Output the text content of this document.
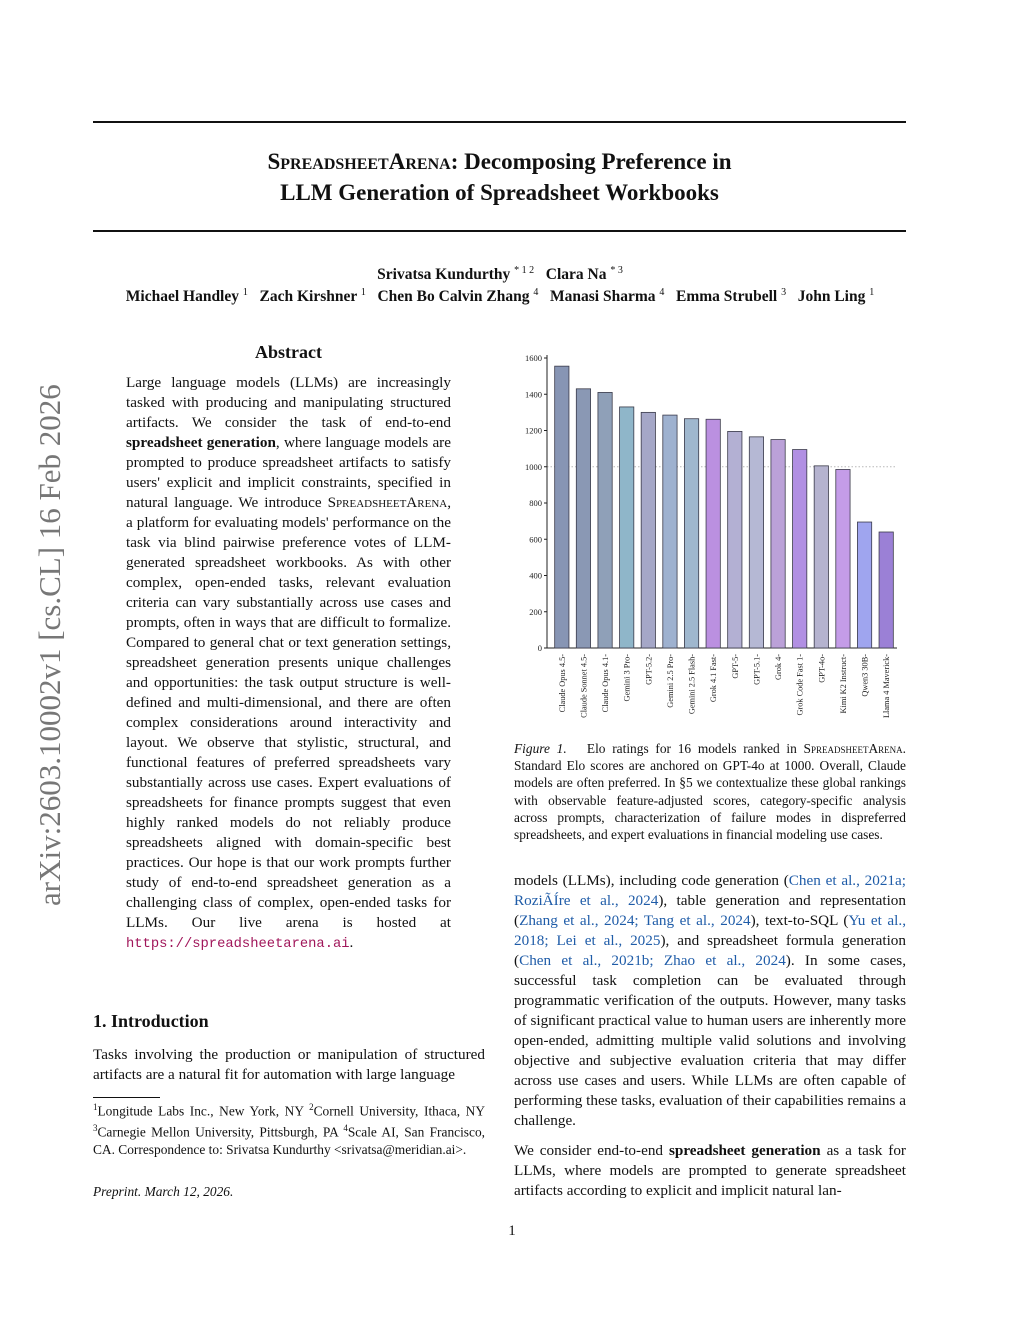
arXiv:2603.10002v1 [cs.CL] 16 Feb 2026
SpreadsheetArena: Decomposing Preference in
LLM Generation of Spreadsheet Workbooks
Srivatsa Kundurthy $^{* 1 2}$ Clara Na $^{* 3}$
Michael Handley $^1$ Zach Kirshner $^1$ Chen Bo Calvin Zhang $^4$ Manasi Sharma $^4$ Emma Strubell $^3$ John Ling $^1$
Abstract
Large language models (LLMs) are increasingly tasked with producing and manipulating structured artifacts. We consider the task of end-to-end spreadsheet generation, where language models are prompted to produce spreadsheet artifacts to satisfy users' explicit and implicit constraints, specified in natural language. We introduce SpreadsheetArena, a platform for evaluating models' performance on the task via blind pairwise preference votes of LLM-generated spreadsheet workbooks. As with other complex, open-ended tasks, relevant evaluation criteria can vary substantially across use cases and prompts, often in ways that are difficult to formalize. Compared to general chat or text generation settings, spreadsheet generation presents unique challenges and opportunities: the task output structure is well-defined and multi-dimensional, and there are often complex considerations around interactivity and layout. We observe that stylistic, structural, and functional features of preferred spreadsheets vary substantially across use cases. Expert evaluations of spreadsheets for finance prompts suggest that even highly ranked models do not reliably produce spreadsheets aligned with domain-specific best practices. Our hope is that our work prompts further study of end-to-end spreadsheet generation as a challenging class of complex, open-ended tasks for LLMs. Our live arena is hosted at https://spreadsheetarena.ai.
1. Introduction
Tasks involving the production or manipulation of structured artifacts are a natural fit for automation with large language
$^1$Longitude Labs Inc., New York, NY $^2$Cornell University, Ithaca, NY $^3$Carnegie Mellon University, Pittsburgh, PA $^4$Scale AI, San Francisco, CA. Correspondence to: Srivatsa Kundurthy <srivatsa@meridian.ai>.
Preprint. March 12, 2026.
1
0
200
400
600
800
1000
1200
1400
1600
Claude Opus 4.5- Claude Sonnet 4.5- Claude Opus 4.1- Gemini 3 Pro- GPT-5.2- Gemini 2.5 Pro- Gemini 2.5 Flash- Grok 4.1 Fast- GPT-5- GPT-5.1- Grok 4- Grok Code Fast 1- GPT-4o- Kimi K2 Instruct- Qwen3 30B- Llama 4 Maverick-
Figure 1. Elo ratings for 16 models ranked in SpreadsheetArena. Standard Elo scores are anchored on GPT-4o at 1000. Overall, Claude models are often preferred. In §5 we contextualize these global rankings with observable feature-adjusted scores, category-specific analysis across prompts, characterization of failure modes in dispreferred spreadsheets, and expert evaluations in financial modeling use cases.
models (LLMs), including code generation (Chen et al., 2021a; RoziÃÍre et al., 2024), table generation and representation (Zhang et al., 2024; Tang et al., 2024), text-to-SQL (Yu et al., 2018; Lei et al., 2025), and spreadsheet formula generation (Chen et al., 2021b; Zhao et al., 2024). In some cases, successful task completion can be evaluated through programmatic verification of the outputs. However, many tasks of significant practical value to human users are inherently more open-ended, admitting multiple valid solutions and involving objective and subjective evaluation criteria that may differ across use cases and users. While LLMs are often capable of performing these tasks, evaluation of their capabilities remains a challenge.
We consider end-to-end spreadsheet generation as a task for LLMs, where models are prompted to generate spreadsheet artifacts according to explicit and implicit natural lan-
